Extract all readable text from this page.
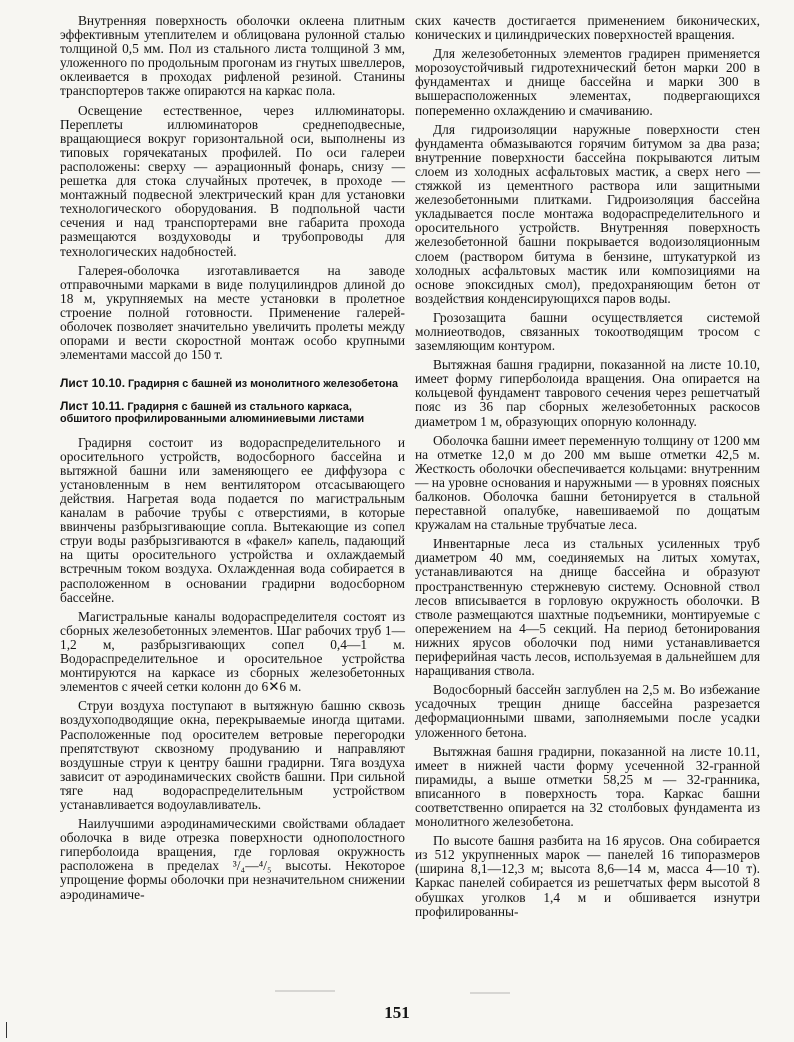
Внутренняя поверхность оболочки оклеена плитным эффективным утеплителем и облицована рулонной сталью толщиной 0,5 мм. Пол из стального листа толщиной 3 мм, уложенного по продольным прогонам из гнутых швеллеров, оклеивается в проходах рифленой резиной. Станины транспортеров также опираются на каркас пола.

Освещение естественное, через иллюминаторы. Переплеты иллюминаторов среднеподвесные, вращающиеся вокруг горизонтальной оси, выполнены из типовых горячекатаных профилей. По оси галереи расположены: сверху — аэрационный фонарь, снизу — решетка для стока случайных протечек, в проходе — монтажный подвесной электрический кран для установки технологического оборудования. В подпольной части сечения и над транспортерами вне габарита прохода размещаются воздуховоды и трубопроводы для технологических надобностей.

Галерея-оболочка изготавливается на заводе отправочными марками в виде полуцилиндров длиной до 18 м, укрупняемых на месте установки в пролетное строение полной готовности. Применение галерей-оболочек позволяет значительно увеличить пролеты между опорами и вести скоростной монтаж особо крупными элементами массой до 150 т.

Лист 10.10. Градирня с башней из монолитного железобетона
Лист 10.11. Градирня с башней из стального каркаса, обшитого профилированными алюминиевыми листами

Градирня состоит из водораспределительного и оросительного устройств, водосборного бассейна и вытяжной башни или заменяющего ее диффузора с установленным в нем вентилятором отсасывающего действия. Нагретая вода подается по магистральным каналам в рабочие трубы с отверстиями, в которые ввинчены разбрызгивающие сопла. Вытекающие из сопел струи воды разбрызгиваются в «факел» капель, падающий на щиты оросительного устройства и охлаждаемый встречным током воздуха. Охлажденная вода собирается в расположенном в основании градирни водосборном бассейне.

Магистральные каналы водораспределителя состоят из сборных железобетонных элементов. Шаг рабочих труб 1—1,2 м, разбрызгивающих сопел 0,4—1 м. Водораспределительное и оросительное устройства монтируются на каркасе из сборных железобетонных элементов с ячеей сетки колонн до 6✕6 м.

Струи воздуха поступают в вытяжную башню сквозь воздухоподводящие окна, перекрываемые иногда щитами. Расположенные под оросителем ветровые перегородки препятствуют сквозному продуванию и направляют воздушные струи к центру башни градирни. Тяга воздуха зависит от аэродинамических свойств башни. При сильной тяге над водораспределительным устройством устанавливается водоулавливатель.

Наилучшими аэродинамическими свойствами обладает оболочка в виде отрезка поверхности однополостного гиперболоида вращения, где горловая окружность расположена в пределах ³/₄—⁴/₅ высоты. Некоторое упрощение формы оболочки при незначительном снижении аэродинамиче-

ских качеств достигается применением биконических, конических и цилиндрических поверхностей вращения.

Для железобетонных элементов градирен применяется морозоустойчивый гидротехнический бетон марки 200 в фундаментах и днище бассейна и марки 300 в вышерасположенных элементах, подвергающихся попеременно охлаждению и смачиванию.

Для гидроизоляции наружные поверхности стен фундамента обмазываются горячим битумом за два раза; внутренние поверхности бассейна покрываются литым слоем из холодных асфальтовых мастик, а сверх него — стяжкой из цементного раствора или защитными железобетонными плитками. Гидроизоляция бассейна укладывается после монтажа водораспределительного и оросительного устройств. Внутренняя поверхность железобетонной башни покрывается водоизоляционным слоем (раствором битума в бензине, штукатуркой из холодных асфальтовых мастик или композициями на основе эпоксидных смол), предохраняющим бетон от воздействия конденсирующихся паров воды.

Грозозащита башни осуществляется системой молниеотводов, связанных токоотводящим тросом с заземляющим контуром.

Вытяжная башня градирни, показанной на листе 10.10, имеет форму гиперболоида вращения. Она опирается на кольцевой фундамент таврового сечения через решетчатый пояс из 36 пар сборных железобетонных раскосов диаметром 1 м, образующих опорную колоннаду.

Оболочка башни имеет переменную толщину от 1200 мм на отметке 12,0 м до 200 мм выше отметки 42,5 м. Жесткость оболочки обеспечивается кольцами: внутренним — на уровне основания и наружными — в уровнях поясных балконов. Оболочка башни бетонируется в стальной переставной опалубке, навешиваемой по дощатым кружалам на стальные трубчатые леса.

Инвентарные леса из стальных усиленных труб диаметром 40 мм, соединяемых на литых хомутах, устанавливаются на днище бассейна и образуют пространственную стержневую систему. Основной ствол лесов вписывается в горловую окружность оболочки. В стволе размещаются шахтные подъемники, монтируемые с опережением на 4—5 секций. На период бетонирования нижних ярусов оболочки под ними устанавливается периферийная часть лесов, используемая в дальнейшем для наращивания ствола.

Водосборный бассейн заглублен на 2,5 м. Во избежание усадочных трещин днище бассейна разрезается деформационными швами, заполняемыми после усадки уложенного бетона.

Вытяжная башня градирни, показанной на листе 10.11, имеет в нижней части форму усеченной 32-гранной пирамиды, а выше отметки 58,25 м — 32-гранника, вписанного в поверхность тора. Каркас башни соответственно опирается на 32 столбовых фундамента из монолитного железобетона.

По высоте башня разбита на 16 ярусов. Она собирается из 512 укрупненных марок — панелей 16 типоразмеров (ширина 8,1—12,3 м; высота 8,6—14 м, масса 4—10 т). Каркас панелей собирается из решетчатых ферм высотой 8 обушках уголков 1,4 м и обшивается изнутри профилированны-

151
